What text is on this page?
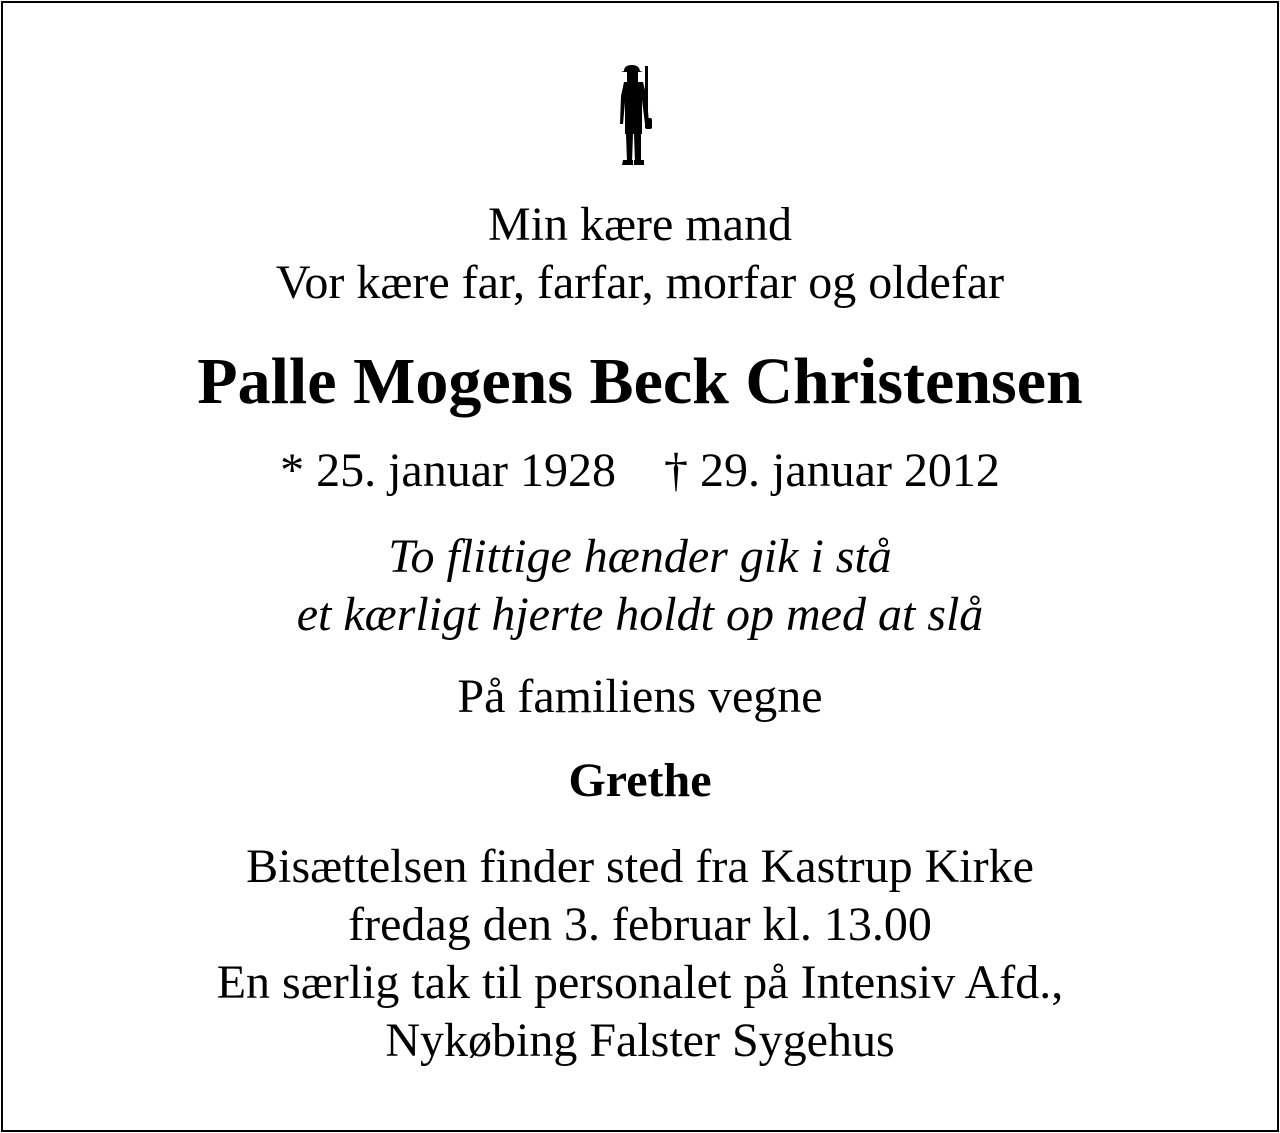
Min kære mand
Vor kære far, farfar, morfar og oldefar
Palle Mogens Beck Christensen
* 25. januar 1928 † 29. januar 2012
To flittige hænder gik i stå
et kærligt hjerte holdt op med at slå
På familiens vegne
Grethe
Bisættelsen finder sted fra Kastrup Kirke
fredag den 3. februar kl. 13.00
En særlig tak til personalet på Intensiv Afd.,
Nykøbing Falster Sygehus
